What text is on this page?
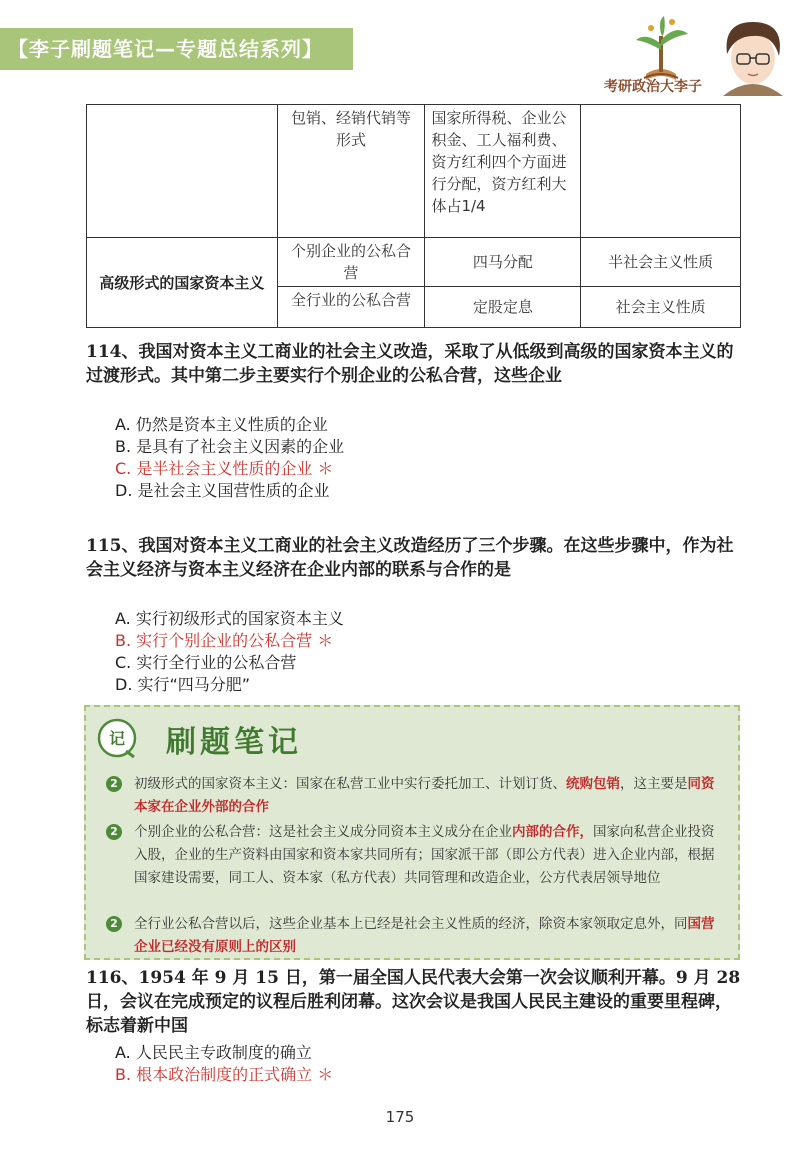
【李子刷题笔记—专题总结系列】
考研政治大李子
	包销、经销代销等形式	国家所得税、企业公积金、工人福利费、资方红利四个方面进行分配，资方红利大体占1/4	
高级形式的国家资本主义	个别企业的公私合营	四马分配	半社会主义性质
	全行业的公私合营	定股定息	社会主义性质
114、我国对资本主义工商业的社会主义改造，采取了从低级到高级的国家资本主义的过渡形式。其中第二步主要实行个别企业的公私合营，这些企业
A. 仍然是资本主义性质的企业
B. 是具有了社会主义因素的企业
C. 是半社会主义性质的企业 ＊
D. 是社会主义国营性质的企业
115、我国对资本主义工商业的社会主义改造经历了三个步骤。在这些步骤中，作为社会主义经济与资本主义经济在企业内部的联系与合作的是
A. 实行初级形式的国家资本主义
B. 实行个别企业的公私合营 ＊
C. 实行全行业的公私合营
D. 实行“四马分肥”
记 刷题笔记
2	初级形式的国家资本主义：国家在私营工业中实行委托加工、计划订货、统购包销，这主要是同资本家在企业外部的合作
2	个别企业的公私合营：这是社会主义成分同资本主义成分在企业内部的合作，国家向私营企业投资入股，企业的生产资料由国家和资本家共同所有；国家派干部（即公方代表）进入企业内部，根据国家建设需要，同工人、资本家（私方代表）共同管理和改造企业，公方代表居领导地位
2	全行业公私合营以后，这些企业基本上已经是社会主义性质的经济，除资本家领取定息外，同国营企业已经没有原则上的区别
116、1954 年 9 月 15 日，第一届全国人民代表大会第一次会议顺利开幕。9 月 28 日，会议在完成预定的议程后胜利闭幕。这次会议是我国人民民主建设的重要里程碑，标志着新中国
A. 人民民主专政制度的确立
B. 根本政治制度的正式确立 ＊
175
